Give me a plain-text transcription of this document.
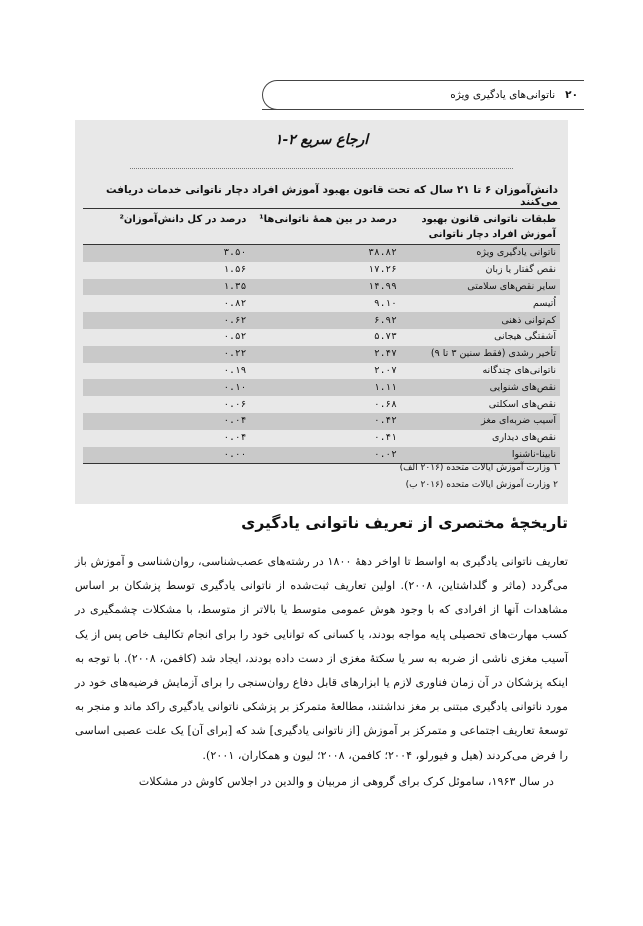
۲۰
ناتوانی‌های یادگیری ویژه
ارجاع سریع ۲-۱
دانش‌آموزان ۶ تا ۲۱ سال که تحت قانون بهبود آموزش افراد دچار ناتوانی خدمات دریافت می‌کنند
طبقات ناتوانی قانون بهبود آموزش افراد دچار ناتوانی	درصد در بین همهٔ ناتوانی‌ها¹	درصد در کل دانش‌آموزان²
ناتوانی یادگیری ویژه	۳۸.۸۲	۳.۵۰
نقص گفتار یا زبان	۱۷.۲۶	۱.۵۶
سایر نقص‌های سلامتی	۱۴.۹۹	۱.۳۵
اُتیسم	۹.۱۰	۰.۸۲
کم‌توانی ذهنی	۶.۹۲	۰.۶۲
آشفتگی هیجانی	۵.۷۳	۰.۵۲
تأخیر رشدی (فقط سنین ۳ تا ۹)	۲.۴۷	۰.۲۲
ناتوانی‌های چندگانه	۲.۰۷	۰.۱۹
نقص‌های شنوایی	۱.۱۱	۰.۱۰
نقص‌های اسکلتی	۰.۶۸	۰.۰۶
آسیب ضربه‌ای مغز	۰.۴۲	۰.۰۴
نقص‌های دیداری	۰.۴۱	۰.۰۴
نابینا-ناشنوا	۰.۰۲	۰.۰۰
۱ وزارت آموزش ایالات متحده (۲۰۱۶ الف)
۲ وزارت آموزش ایالات متحده (۲۰۱۶ ب)
تاریخچهٔ مختصری از تعریف ناتوانی یادگیری

تعاریف ناتوانی یادگیری به اواسط تا اواخر دههٔ ۱۸۰۰ در رشته‌های عصب‌شناسی، روان‌شناسی و آموزش باز می‌گردد (ماثر و گلداشتاین، ۲۰۰۸). اولین تعاریف ثبت‌شده از ناتوانی یادگیری توسط پزشکان بر اساس مشاهدات آنها از افرادی که با وجود هوش عمومی متوسط یا بالاتر از متوسط، با مشکلات چشمگیری در کسب مهارت‌های تحصیلی پایه مواجه بودند، یا کسانی که توانایی خود را برای انجام تکالیف خاص پس از یک آسیب مغزی ناشی از ضربه به سر یا سکتهٔ مغزی از دست داده بودند، ایجاد شد (کافمن، ۲۰۰۸). با توجه به اینکه پزشکان در آن زمان فناوری لازم یا ابزارهای قابل دفاع روان‌سنجی را برای آزمایش فرضیه‌های خود در مورد ناتوانی یادگیری مبتنی بر مغز نداشتند، مطالعهٔ متمرکز بر پزشکی ناتوانی یادگیری راکد ماند و منجر به توسعهٔ تعاریف اجتماعی و متمرکز بر آموزش [از ناتوانی یادگیری] شد که [برای آن] یک علت عصبی اساسی را فرض می‌کردند (هیل و فیورلو، ۲۰۰۴؛ کافمن، ۲۰۰۸؛ لیون و همکاران، ۲۰۰۱).

در سال ۱۹۶۳، ساموئل کرک برای گروهی از مربیان و والدین در اجلاس کاوش در مشکلات
